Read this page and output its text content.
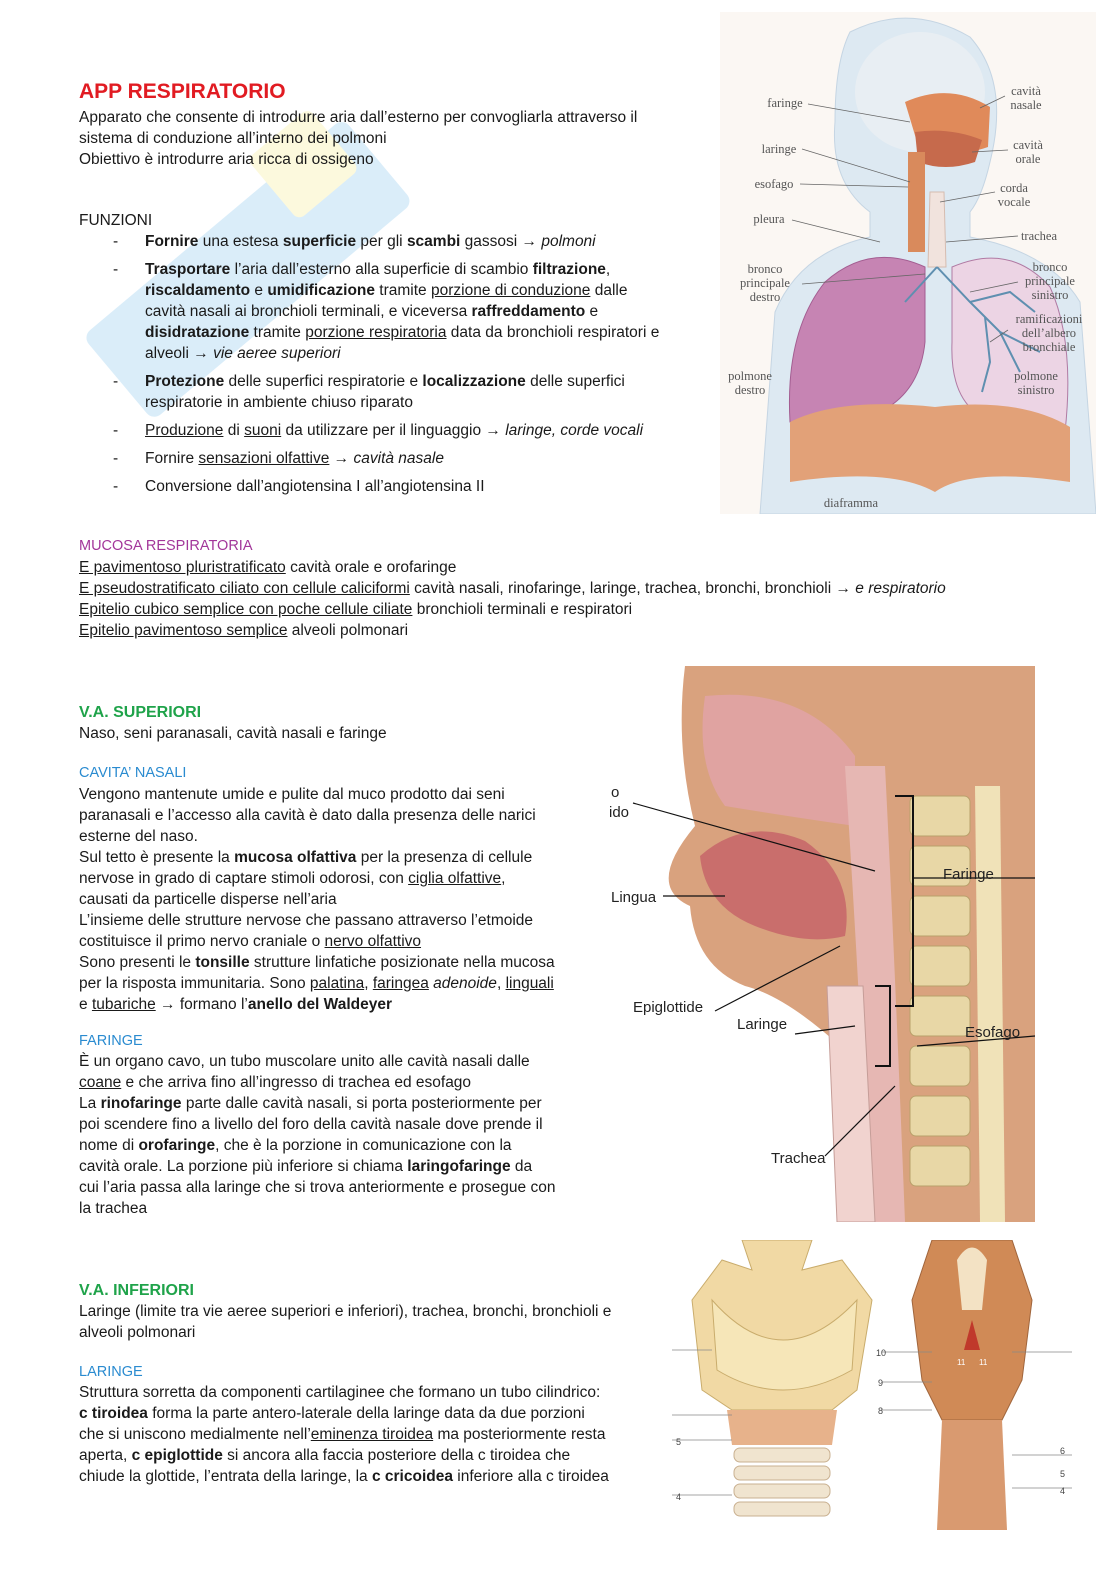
APP RESPIRATORIO

Apparato che consente di introdurre aria dall’esterno per convogliarla attraverso il

sistema di conduzione all’interno dei polmoni

Obiettivo è introdurre aria ricca di ossigeno

FUNZIONI
- Fornire una estesa superficie per gli scambi gassosi → polmoni
- Trasportare l’aria dall’esterno alla superficie di scambio filtrazione,
riscaldamento e umidificazione tramite porzione di conduzione dalle
cavità nasali ai bronchioli terminali, e viceversa raffreddamento e
disidratazione tramite porzione respiratoria data da bronchioli respiratori e
alveoli → vie aeree superiori
- Protezione delle superfici respiratorie e localizzazione delle superfici
respiratorie in ambiente chiuso riparato
- Produzione di suoni da utilizzare per il linguaggio → laringe, corde vocali
- Fornire sensazioni olfattive → cavità nasale
- Conversione dall’angiotensina I all’angiotensina II
MUCOSA RESPIRATORIA

E pavimentoso pluristratificato cavità orale e orofaringe

E pseudostratificato ciliato con cellule caliciformi cavità nasali, rinofaringe, laringe, trachea, bronchi, bronchioli → e respiratorio

Epitelio cubico semplice con poche cellule ciliate bronchioli terminali e respiratori

Epitelio pavimentoso semplice alveoli polmonari

V.A. SUPERIORI

Naso, seni paranasali, cavità nasali e faringe

CAVITA’ NASALI

Vengono mantenute umide e pulite dal muco prodotto dai seni

paranasali e l’accesso alla cavità è dato dalla presenza delle narici

esterne del naso.

Sul tetto è presente la mucosa olfattiva per la presenza di cellule

nervose in grado di captare stimoli odorosi, con ciglia olfattive,

causati da particelle disperse nell’aria

L’insieme delle strutture nervose che passano attraverso l’etmoide

costituisce il primo nervo craniale o nervo olfattivo

Sono presenti le tonsille strutture linfatiche posizionate nella mucosa

per la risposta immunitaria. Sono palatina, faringea adenoide, linguali

e tubariche → formano l’anello del Waldeyer

FARINGE

È un organo cavo, un tubo muscolare unito alle cavità nasali dalle

coane e che arriva fino all’ingresso di trachea ed esofago

La rinofaringe parte dalle cavità nasali, si porta posteriormente per

poi scendere fino a livello del foro della cavità nasale dove prende il

nome di orofaringe, che è la porzione in comunicazione con la

cavità orale. La porzione più inferiore si chiama laringofaringe da

cui l’aria passa alla laringe che si trova anteriormente e prosegue con

la trachea

V.A. INFERIORI

Laringe (limite tra vie aeree superiori e inferiori), trachea, bronchi, bronchioli e

alveoli polmonari

LARINGE

Struttura sorretta da componenti cartilaginee che formano un tubo cilindrico:

c tiroidea forma la parte antero-laterale della laringe data da due porzioni

che si uniscono medialmente nell’eminenza tiroidea ma posteriormente resta

aperta, c epiglottide si ancora alla faccia posteriore della c tiroidea che

chiude la glottide, l’entrata della laringe, la c cricoidea inferiore alla c tiroidea

faringe
laringe
esofago
pleura
bronco
principale
destro
polmone
destro
cavità
nasale
cavità
orale
corda
vocale
trachea
bronco
principale
sinistro
ramificazioni
dell’albero
bronchiale
polmone
sinistro
diaframma
o
ido
Lingua
Faringe
Epiglottide
Laringe	Esofago
Trachea
5
4
10
9
8
11 11
6
5
4
